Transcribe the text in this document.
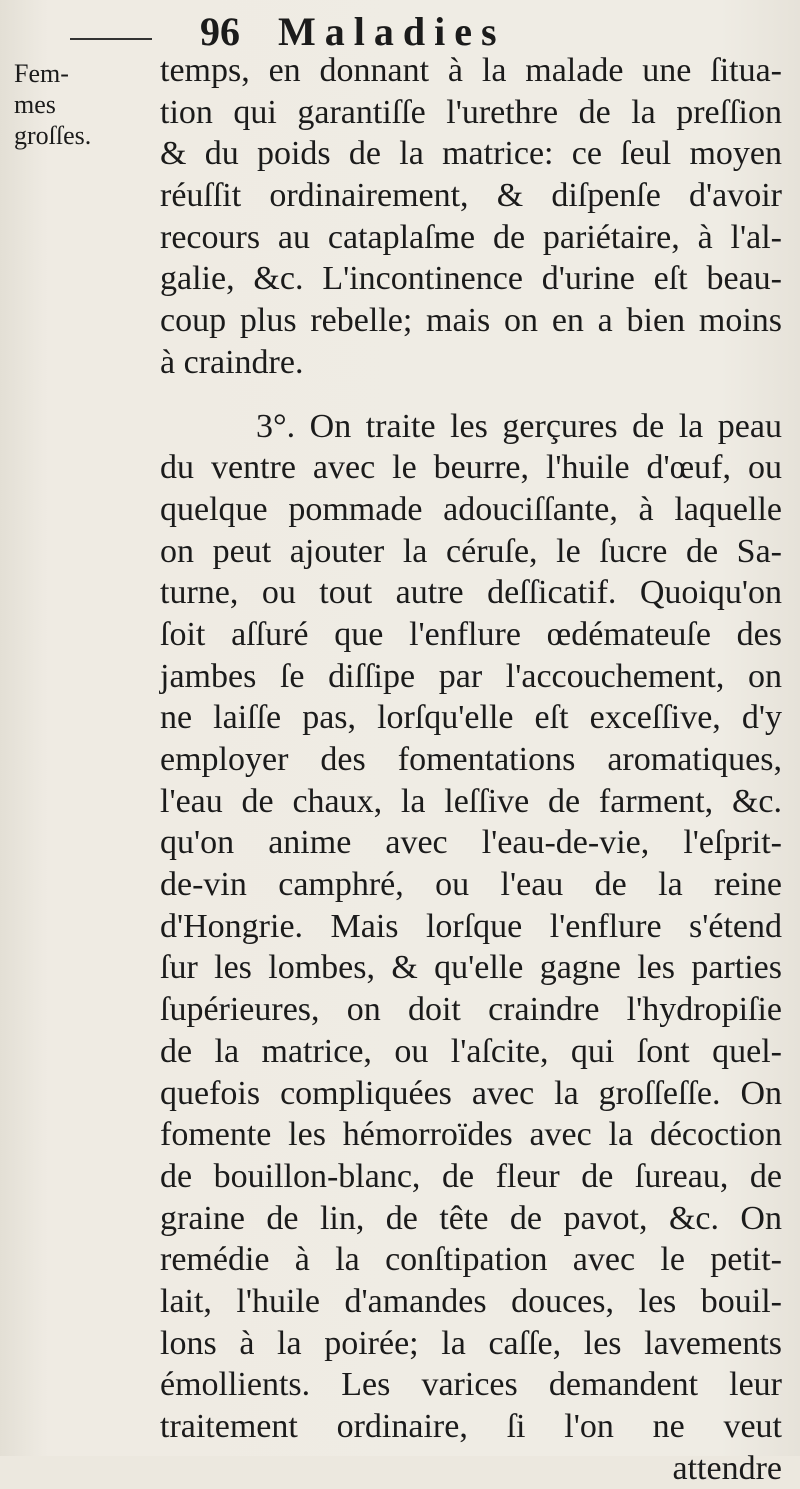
96 Maladies
Fem-
mes
groſſes.
temps, en donnant à la malade une ſitua-
tion qui garantiſſe l'urethre de la preſſion
& du poids de la matrice: ce ſeul moyen
réuſſit ordinairement, & diſpenſe d'avoir
recours au cataplaſme de pariétaire, à l'al-
galie, &c. L'incontinence d'urine eſt beau-
coup plus rebelle; mais on en a bien moins
à craindre.
3°. On traite les gerçures de la peau
du ventre avec le beurre, l'huile d'œuf, ou
quelque pommade adouciſſante, à laquelle
on peut ajouter la céruſe, le ſucre de Sa-
turne, ou tout autre deſſicatif. Quoiqu'on
ſoit aſſuré que l'enflure œdémateuſe des
jambes ſe diſſipe par l'accouchement, on
ne laiſſe pas, lorſqu'elle eſt exceſſive, d'y
employer des fomentations aromatiques,
l'eau de chaux, la leſſive de farment, &c.
qu'on anime avec l'eau-de-vie, l'eſprit-
de-vin camphré, ou l'eau de la reine
d'Hongrie. Mais lorſque l'enflure s'étend
ſur les lombes, & qu'elle gagne les parties
ſupérieures, on doit craindre l'hydropiſie
de la matrice, ou l'aſcite, qui ſont quel-
quefois compliquées avec la groſſeſſe. On
fomente les hémorroïdes avec la décoction
de bouillon-blanc, de fleur de ſureau, de
graine de lin, de tête de pavot, &c. On
remédie à la conſtipation avec le petit-
lait, l'huile d'amandes douces, les bouil-
lons à la poirée; la caſſe, les lavements
émollients. Les varices demandent leur
traitement ordinaire, ſi l'on ne veut
attendre
